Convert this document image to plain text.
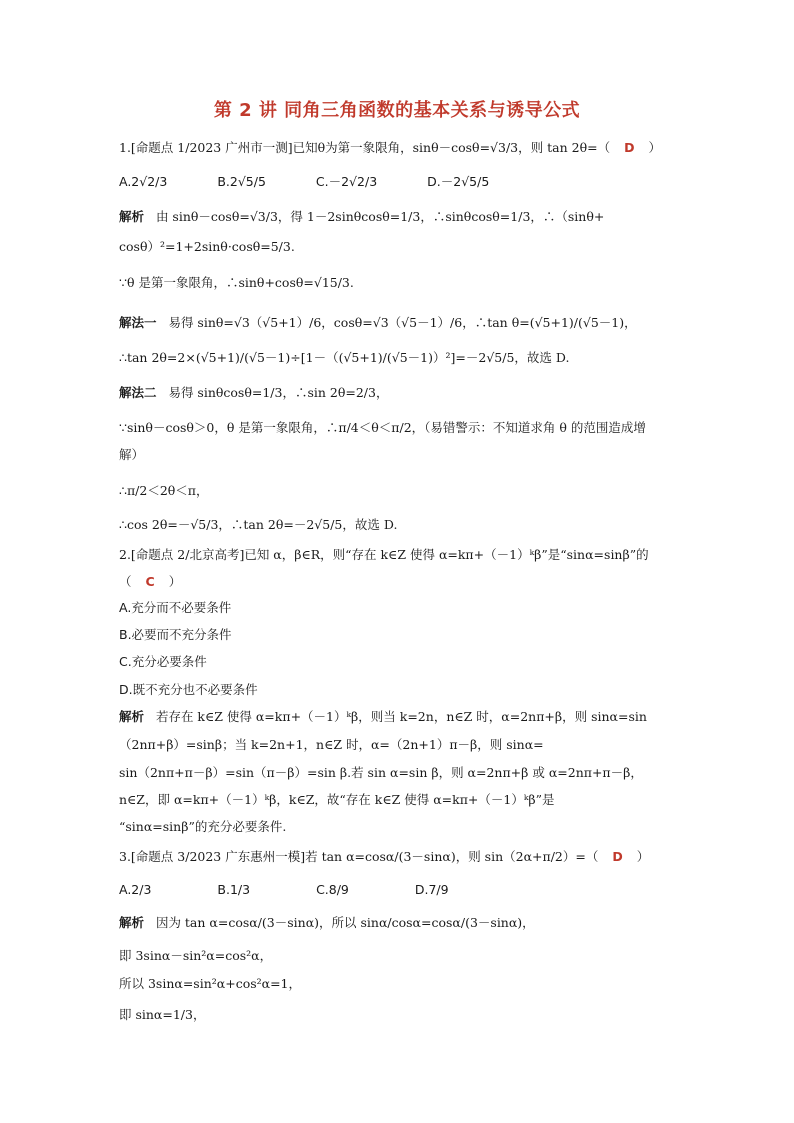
第 2 讲 同角三角函数的基本关系与诱导公式
1.[命题点 1/2023 广州市一测]已知θ为第一象限角，sinθ－cosθ=√3/3，则 tan 2θ=（ D ）
A.2√2/3	B.2√5/5	C.－2√2/3	D.－2√5/5
解析 由 sinθ－cosθ=√3/3，得 1－2sinθcosθ=1/3，∴sinθcosθ=1/3，∴（sinθ+
cosθ）²=1+2sinθ·cosθ=5/3.
∵θ 是第一象限角，∴sinθ+cosθ=√15/3.
解法一 易得 sinθ=√3（√5+1）/6，cosθ=√3（√5－1）/6，∴tan θ=(√5+1)/(√5－1)，
∴tan 2θ=2×(√5+1)/(√5－1)÷[1－（(√5+1)/(√5－1)）²]=－2√5/5，故选 D.
解法二 易得 sinθcosθ=1/3，∴sin 2θ=2/3，
∵sinθ－cosθ＞0，θ 是第一象限角，∴π/4＜θ＜π/2，（易错警示：不知道求角 θ 的范围造成增
解）
∴π/2＜2θ＜π，
∴cos 2θ=－√5/3，∴tan 2θ=－2√5/5，故选 D.
2.[命题点 2/北京高考]已知 α，β∈R，则“存在 k∈Z 使得 α=kπ+（－1）ᵏβ”是“sinα=sinβ”的
（ C ）
A.充分而不必要条件
B.必要而不充分条件
C.充分必要条件
D.既不充分也不必要条件
解析 若存在 k∈Z 使得 α=kπ+（－1）ᵏβ，则当 k=2n，n∈Z 时，α=2nπ+β，则 sinα=sin
（2nπ+β）=sinβ；当 k=2n+1，n∈Z 时，α=（2n+1）π－β，则 sinα=
sin（2nπ+π－β）=sin（π－β）=sin β.若 sin α=sin β，则 α=2nπ+β 或 α=2nπ+π－β，
n∈Z，即 α=kπ+（－1）ᵏβ，k∈Z，故“存在 k∈Z 使得 α=kπ+（－1）ᵏβ”是
“sinα=sinβ”的充分必要条件.
3.[命题点 3/2023 广东惠州一模]若 tan α=cosα/(3－sinα)，则 sin（2α+π/2）=（ D ）
A.2/3	B.1/3	C.8/9	D.7/9
解析 因为 tan α=cosα/(3－sinα)，所以 sinα/cosα=cosα/(3－sinα)，
即 3sinα－sin²α=cos²α，
所以 3sinα=sin²α+cos²α=1，
即 sinα=1/3，
